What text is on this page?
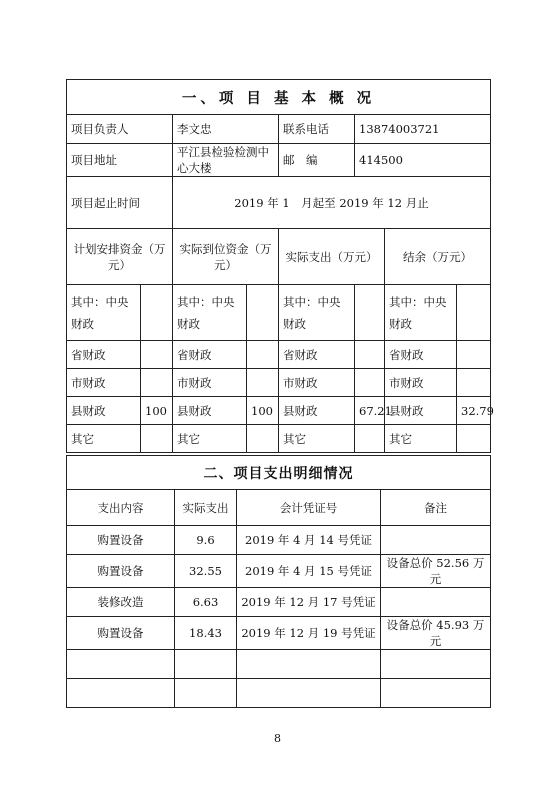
一、项 目 基 本 概 况							
项目负责人		李文忠		联系电话	13874003721		
项目地址		平江县检验检测中心大楼		邮　编	414500		
项目起止时间		2019 年 1　月起至 2019 年 12 月止					
计划安排资金（万元）		实际到位资金（万元）		实际支出（万元）		结余（万元）	
其中：中央财政		其中：中央财政		其中：中央财政		其中：中央财政	
省财政		省财政		省财政		省财政	
市财政		市财政		市财政		市财政	
县财政	100	县财政	100	县财政	67.21	县财政	32.79
其它		其它		其它		其它	
二、项目支出明细情况			
支出内容	实际支出	会计凭证号	备注
购置设备	9.6	2019 年 4 月 14 号凭证	
购置设备	32.55	2019 年 4 月 15 号凭证	设备总价 52.56 万元
装修改造	6.63	2019 年 12 月 17 号凭证	
购置设备	18.43	2019 年 12 月 19 号凭证	设备总价 45.93 万元

8
